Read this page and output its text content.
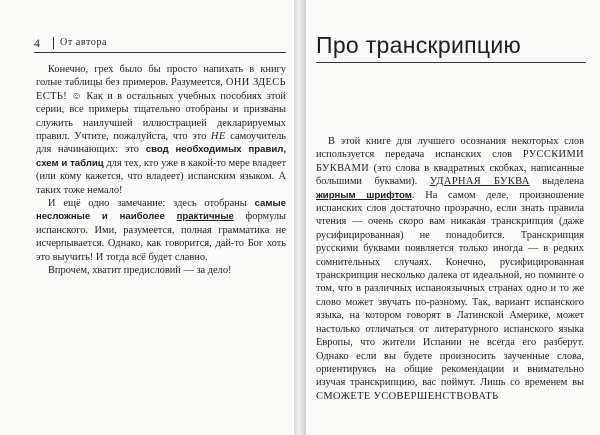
4 От автора

Конечно, грех было бы просто напихать в книгу голые таблицы без примеров. Разумеется, ОНИ ЗДЕСЬ ЕСТЬ! ☺ Как и в остальных учебных пособиях этой серии, все примеры тщательно отобраны и призваны служить наилучшей иллюстрацией декларируемых правил. Учтите, пожалуйста, что это НЕ самоучитель для начинающих: это свод необходимых правил, схем и таблиц для тех, кто уже в какой-то мере владеет (или кому кажется, что владеет) испанским языком. А таких тоже немало!

И ещё одно замечание: здесь отобраны самые несложные и наиболее практичные формулы испанского. Ими, разумеется, полная грамматика не исчерпывается. Однако, как говорится, дай-то Бог хоть это выучить! И тогда всё будет славно.

Впрочем, хватит предисловий — за дело!

Про транскрипцию

В этой книге для лучшего осознания некоторых слов используется передача испанских слов РУССКИМИ БУКВАМИ (это слова в квадратных скобках, написанные большими буквами). УДАРНАЯ БУКВА выделена жирным шрифтом. На самом деле, произношение испанских слов достаточно прозрачно, если знать правила чтения — очень скоро вам никакая транскрипция (даже русифицированная) не понадобится. Транскрипция русскими буквами появляется только иногда — в редких сомнительных случаях. Конечно, русифицированная транскрипция несколько далека от идеальной, но помните о том, что в различных испаноязычных странах одно и то же слово может звучать по-разному. Так, вариант испанского языка, на котором говорят в Латинской Америке, может настолько отличаться от литературного испанского языка Европы, что жители Испании не всегда его разберут. Однако если вы будете произносить заученные слова, ориентируясь на общие рекомендации и внимательно изучая транскрипцию, вас поймут. Лишь со временем вы СМОЖЕТЕ УСОВЕРШЕНСТВОВАТЬ
